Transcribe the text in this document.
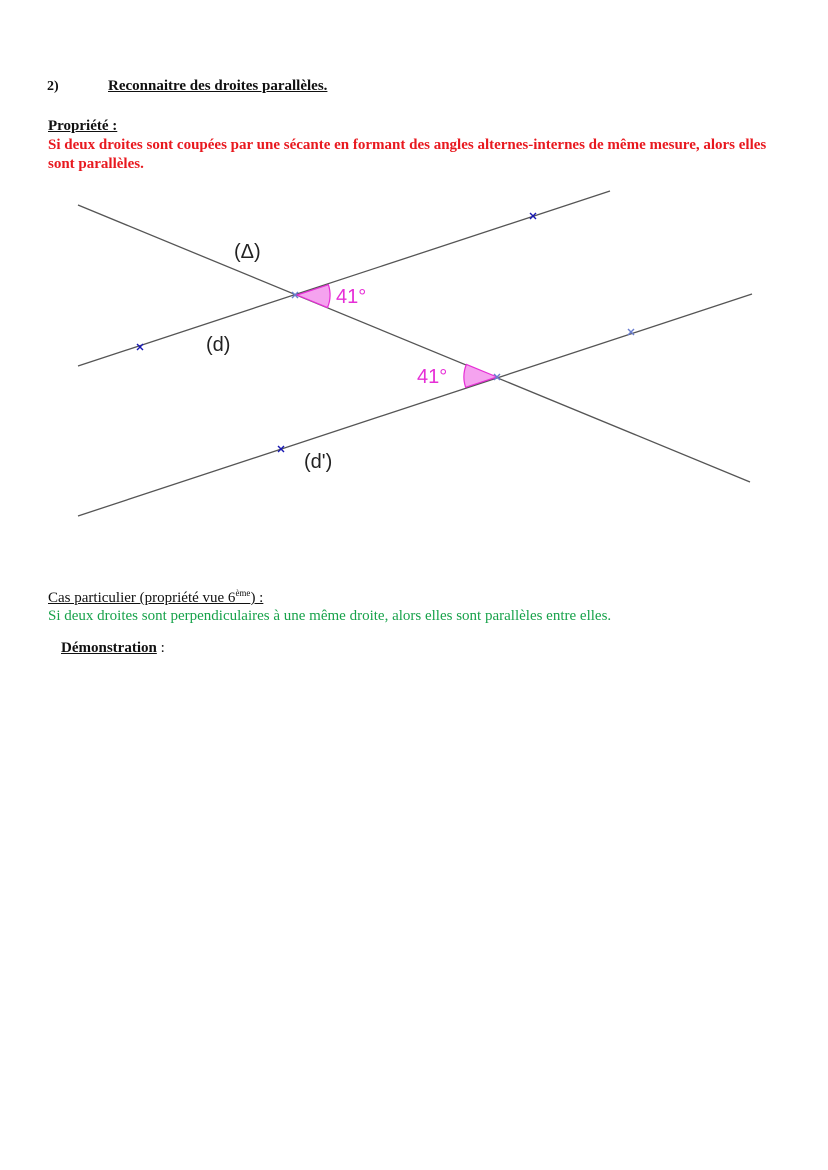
2)	Reconnaitre des droites parallèles.
Propriété :
Si deux droites sont coupées par une sécante en formant des angles alternes-internes de même mesure, alors elles sont parallèles.
(Δ)
(d)
(d')
41°
41°
Cas particulier (propriété vue 6ème) :
Si deux droites sont perpendiculaires à une même droite, alors elles sont parallèles entre elles.
Démonstration :
